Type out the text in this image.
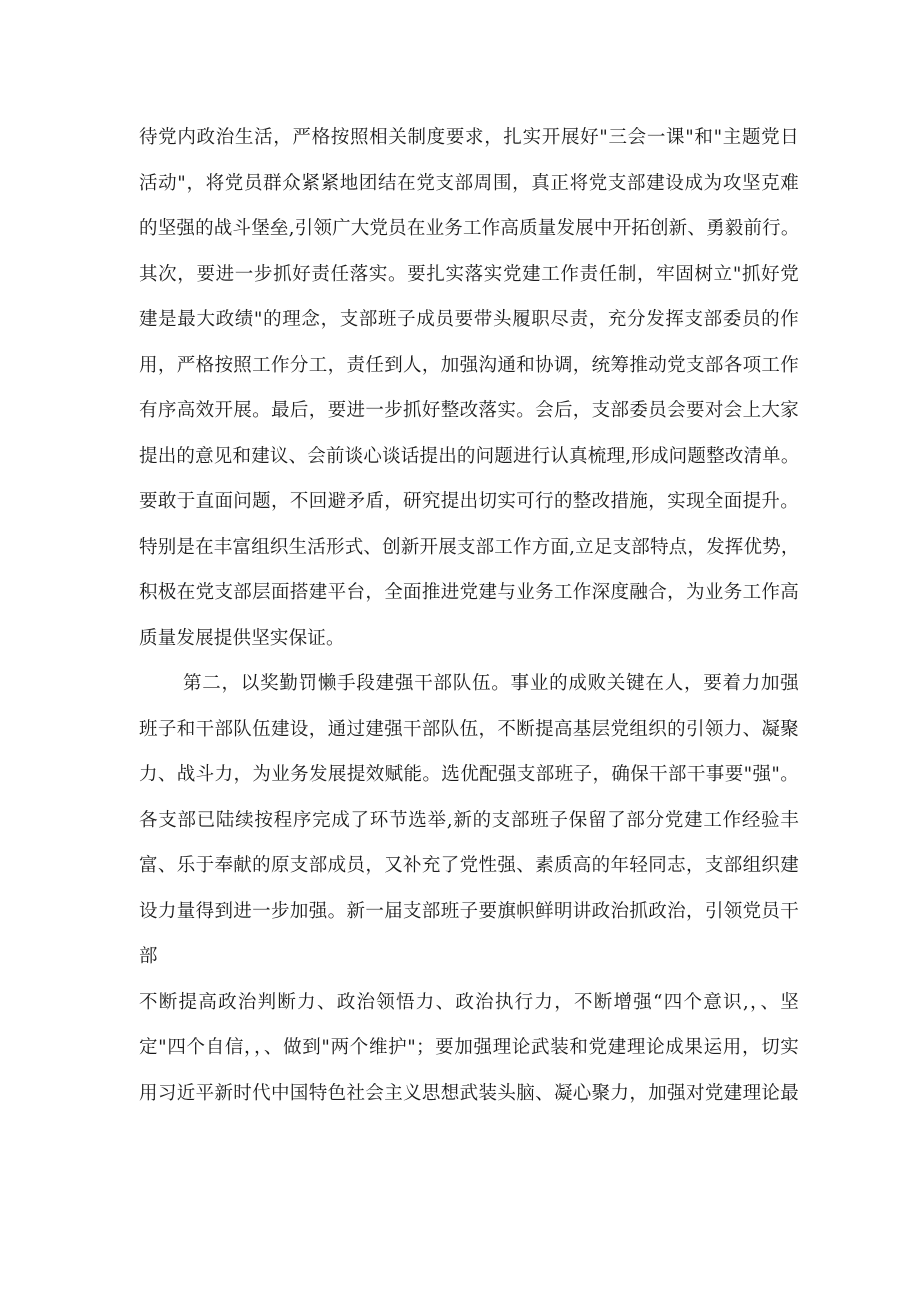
待党内政治生活，严格按照相关制度要求，扎实开展好"三会一课"和"主题党日
活动"，将党员群众紧紧地团结在党支部周围，真正将党支部建设成为攻坚克难
的坚强的战斗堡垒,引领广大党员在业务工作高质量发展中开拓创新、勇毅前行。
其次，要进一步抓好责任落实。要扎实落实党建工作责任制，牢固树立"抓好党
建是最大政绩"的理念，支部班子成员要带头履职尽责，充分发挥支部委员的作
用，严格按照工作分工，责任到人，加强沟通和协调，统筹推动党支部各项工作
有序高效开展。最后，要进一步抓好整改落实。会后，支部委员会要对会上大家
提出的意见和建议、会前谈心谈话提出的问题进行认真梳理,形成问题整改清单。
要敢于直面问题，不回避矛盾，研究提出切实可行的整改措施，实现全面提升。
特别是在丰富组织生活形式、创新开展支部工作方面,立足支部特点，发挥优势，
积极在党支部层面搭建平台，全面推进党建与业务工作深度融合，为业务工作高
质量发展提供坚实保证。
第二，以奖勤罚懒手段建强干部队伍。事业的成败关键在人，要着力加强
班子和干部队伍建设，通过建强干部队伍，不断提高基层党组织的引领力、凝聚
力、战斗力，为业务发展提效赋能。选优配强支部班子，确保干部干事要"强"。
各支部已陆续按程序完成了环节选举,新的支部班子保留了部分党建工作经验丰
富、乐于奉献的原支部成员，又补充了党性强、素质高的年轻同志，支部组织建
设力量得到进一步加强。新一届支部班子要旗帜鲜明讲政治抓政治，引领党员干
部
不断提高政治判断力、政治领悟力、政治执行力，不断增强“四个意识,，、坚
定"四个自信，，、做到"两个维护"；要加强理论武装和党建理论成果运用，切实
用习近平新时代中国特色社会主义思想武装头脑、凝心聚力，加强对党建理论最
